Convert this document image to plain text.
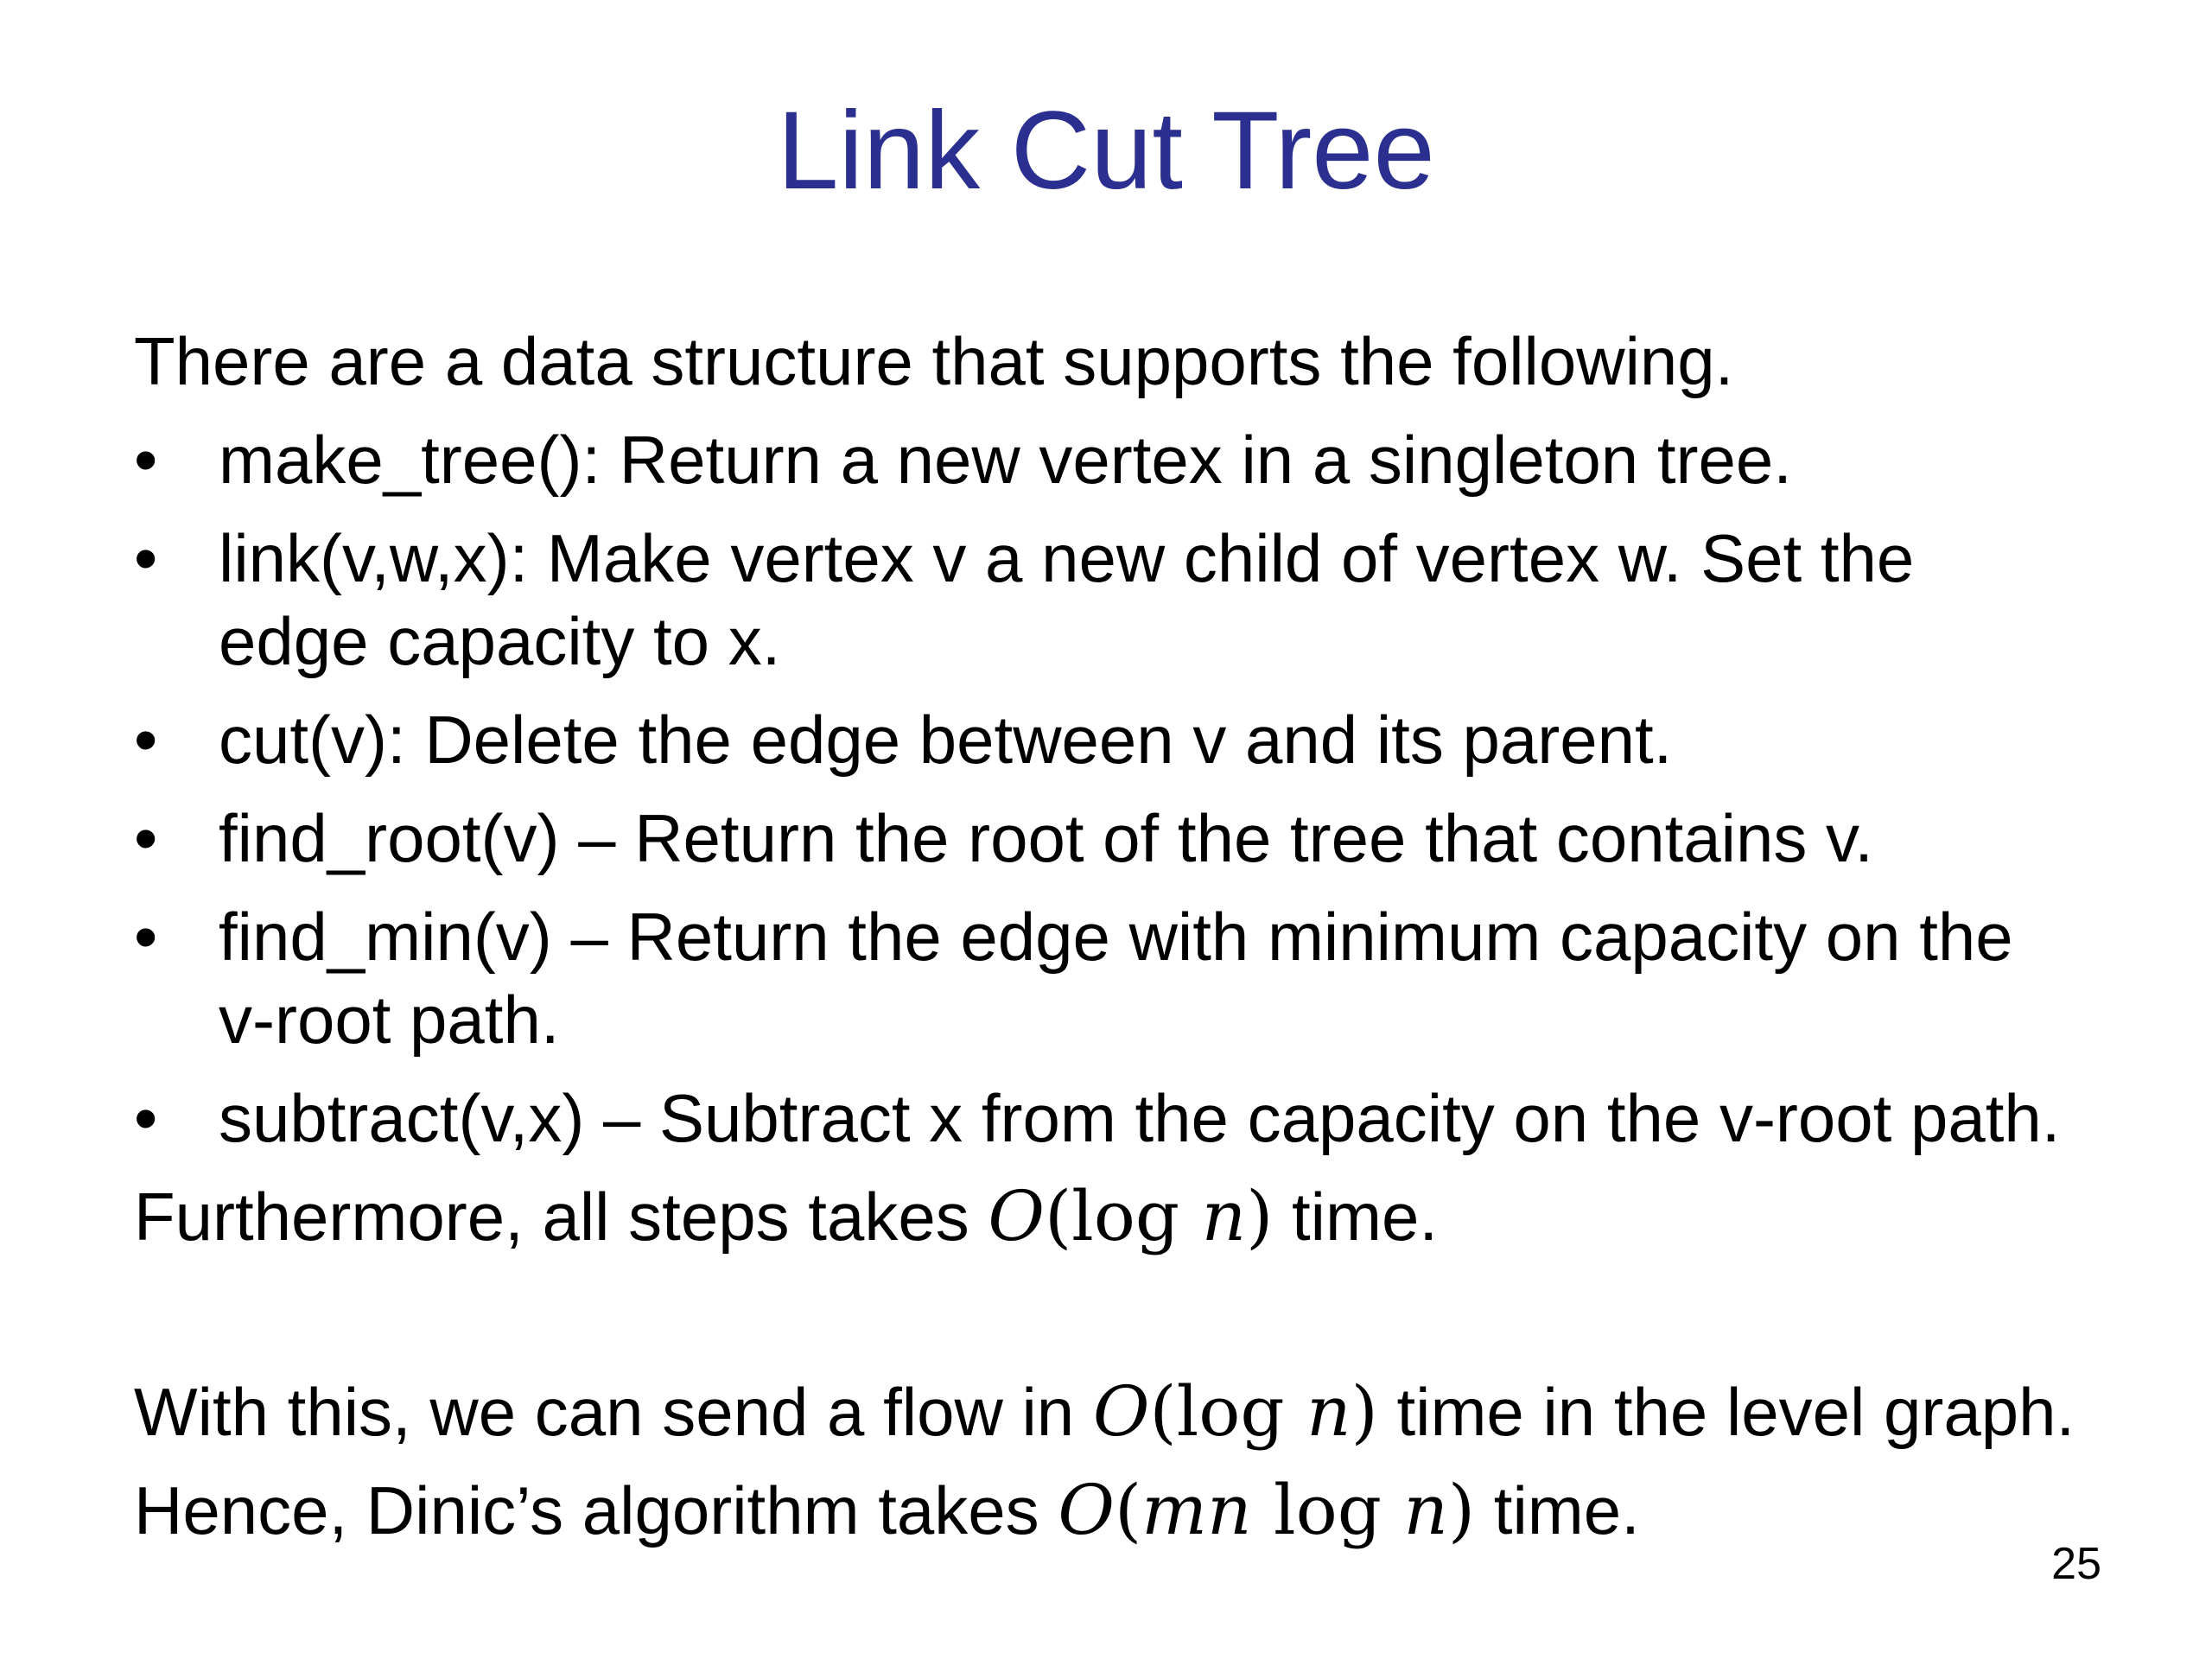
Link Cut Tree

There are a data structure that supports the following.

• make_tree(): Return a new vertex in a singleton tree.
• link(v,w,x): Make vertex v a new child of vertex w. Set the
edge capacity to x.
• cut(v): Delete the edge between v and its parent.
• find_root(v) – Return the root of the tree that contains v.
• find_min(v) – Return the edge with minimum capacity on the
v-root path.
• subtract(v,x) – Subtract x from the capacity on the v-root path.

Furthermore, all steps takes O(log n) time.

With this, we can send a flow in O(log n) time in the level graph.

Hence, Dinic’s algorithm takes O(mn log n) time.

25
